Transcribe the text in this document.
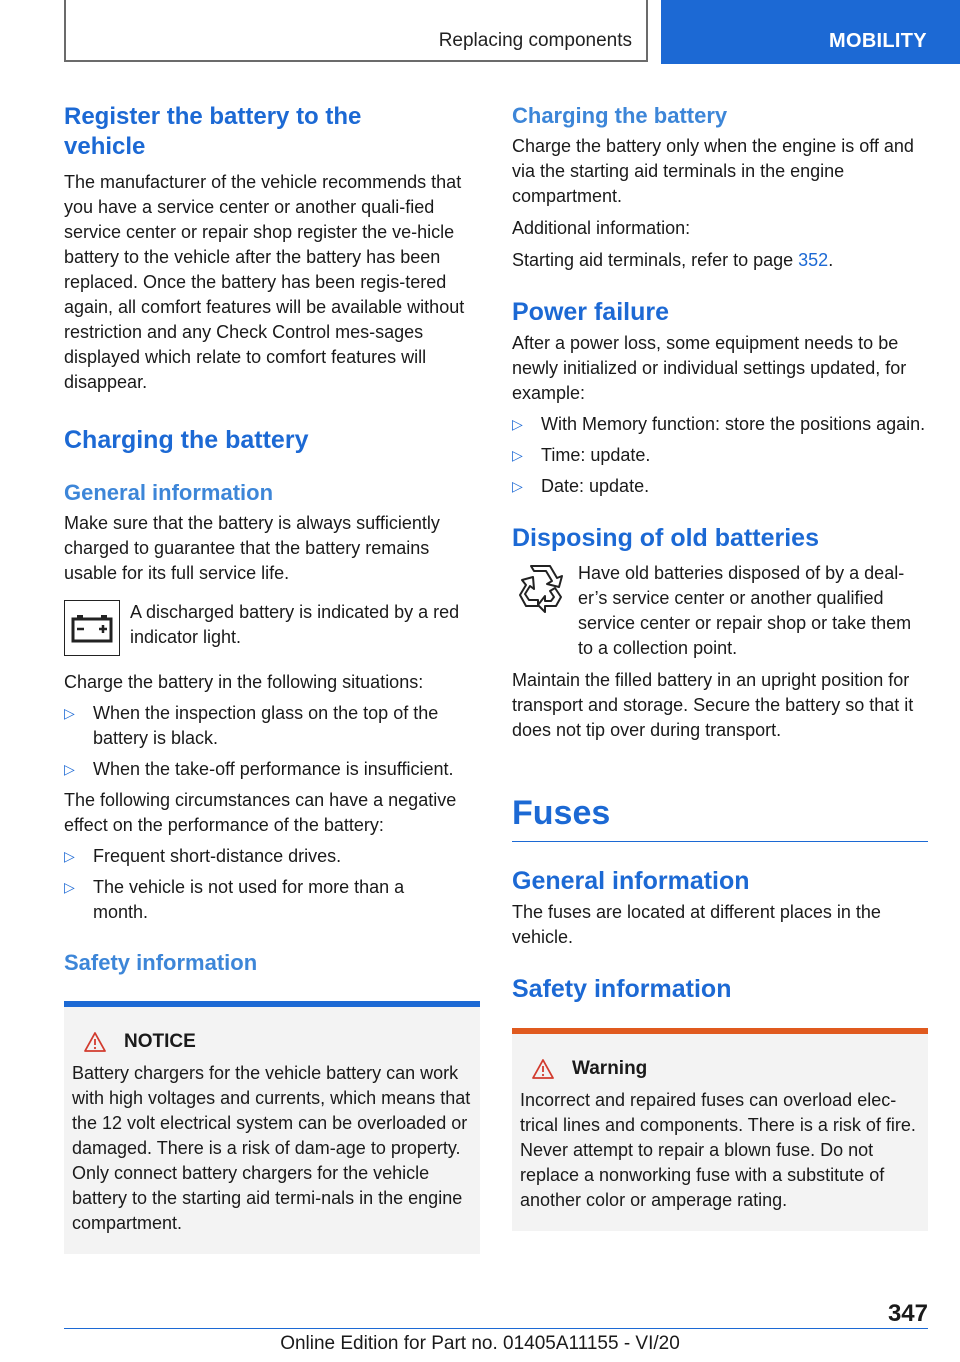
Replacing components	MOBILITY
Register the battery to the vehicle

The manufacturer of the vehicle recommends that you have a service center or another quali-fied service center or repair shop register the ve-hicle battery to the vehicle after the battery has been replaced. Once the battery has been regis-tered again, all comfort features will be available without restriction and any Check Control mes-sages displayed which relate to comfort features will disappear.

Charging the battery
General information

Make sure that the battery is always sufficiently charged to guarantee that the battery remains usable for its full service life.

A discharged battery is indicated by a red indicator light.

Charge the battery in the following situations:

▷ When the inspection glass on the top of the battery is black.
▷ When the take-off performance is insufficient.

The following circumstances can have a negative effect on the performance of the battery:

▷ Frequent short-distance drives.
▷ The vehicle is not used for more than a month.
Safety information
NOTICE

Battery chargers for the vehicle battery can work with high voltages and currents, which means that the 12 volt electrical system can be overloaded or damaged. There is a risk of dam-age to property. Only connect battery chargers for the vehicle battery to the starting aid termi-nals in the engine compartment.

Charging the battery

Charge the battery only when the engine is off and via the starting aid terminals in the engine compartment.

Additional information:

Starting aid terminals, refer to page 352.

Power failure

After a power loss, some equipment needs to be newly initialized or individual settings updated, for example:

▷ With Memory function: store the positions again.
▷ Time: update.
▷ Date: update.
Disposing of old batteries

Have old batteries disposed of by a deal-er’s service center or another qualified service center or repair shop or take them to a collection point.

Maintain the filled battery in an upright position for transport and storage. Secure the battery so that it does not tip over during transport.

Fuses
General information

The fuses are located at different places in the vehicle.

Safety information
Warning

Incorrect and repaired fuses can overload elec-trical lines and components. There is a risk of fire. Never attempt to repair a blown fuse. Do not replace a nonworking fuse with a substitute of another color or amperage rating.

347
Online Edition for Part no. 01405A11155 - VI/20
